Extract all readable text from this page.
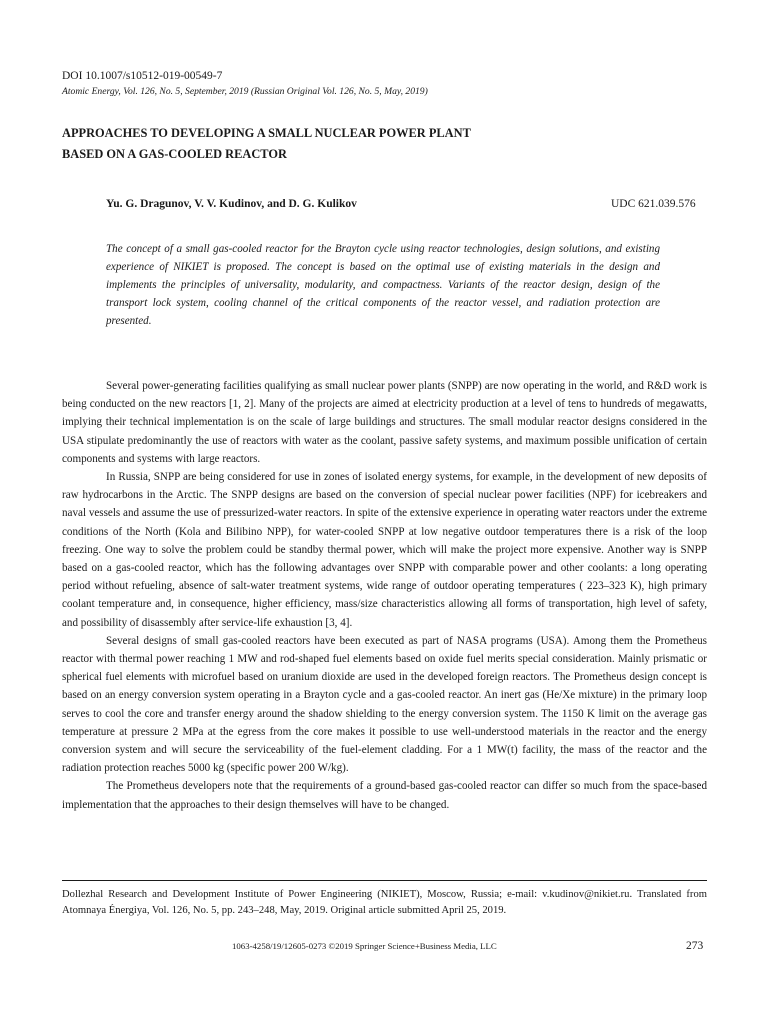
DOI 10.1007/s10512-019-00549-7
Atomic Energy, Vol. 126, No. 5, September, 2019 (Russian Original Vol. 126, No. 5, May, 2019)
APPROACHES TO DEVELOPING A SMALL NUCLEAR POWER PLANT
BASED ON A GAS-COOLED REACTOR
Yu. G. Dragunov, V. V. Kudinov, and D. G. Kulikov	UDC 621.039.576

The concept of a small gas-cooled reactor for the Brayton cycle using reactor technologies, design solutions, and existing experience of NIKIET is proposed. The concept is based on the optimal use of existing materials in the design and implements the principles of universality, modularity, and compactness. Variants of the reactor design, design of the transport lock system, cooling channel of the critical components of the reactor vessel, and radiation protection are presented.

Several power-generating facilities qualifying as small nuclear power plants (SNPP) are now operating in the world, and R&D work is being conducted on the new reactors [1, 2]. Many of the projects are aimed at electricity production at a level of tens to hundreds of megawatts, implying their technical implementation is on the scale of large buildings and structures. The small modular reactor designs considered in the USA stipulate predominantly the use of reactors with water as the coolant, passive safety systems, and maximum possible unification of certain components and systems with large reactors.

In Russia, SNPP are being considered for use in zones of isolated energy systems, for example, in the development of new deposits of raw hydrocarbons in the Arctic. The SNPP designs are based on the conversion of special nuclear power facilities (NPF) for icebreakers and naval vessels and assume the use of pressurized-water reactors. In spite of the extensive experience in operating water reactors under the extreme conditions of the North (Kola and Bilibino NPP), for water-cooled SNPP at low negative outdoor temperatures there is a risk of the loop freezing. One way to solve the problem could be standby thermal power, which will make the project more expensive. Another way is SNPP based on a gas-cooled reactor, which has the following advantages over SNPP with comparable power and other coolants: a long operating period without refueling, absence of salt-water treatment systems, wide range of outdoor operating temperatures ( 223–323 K), high primary coolant temperature and, in consequence, higher efficiency, mass/size characteristics allowing all forms of transportation, high level of safety, and possibility of disassembly after service-life exhaustion [3, 4].

Several designs of small gas-cooled reactors have been executed as part of NASA programs (USA). Among them the Prometheus reactor with thermal power reaching 1 MW and rod-shaped fuel elements based on oxide fuel merits special consideration. Mainly prismatic or spherical fuel elements with microfuel based on uranium dioxide are used in the developed foreign reactors. The Prometheus design concept is based on an energy conversion system operating in a Brayton cycle and a gas-cooled reactor. An inert gas (He/Xe mixture) in the primary loop serves to cool the core and transfer energy around the shadow shielding to the energy conversion system. The 1150 K limit on the average gas temperature at pressure 2 MPa at the egress from the core makes it possible to use well-understood materials in the reactor and the energy conversion system and will secure the serviceability of the fuel-element cladding. For a 1 MW(t) facility, the mass of the reactor and the radiation protection reaches 5000 kg (specific power 200 W/kg).

The Prometheus developers note that the requirements of a ground-based gas-cooled reactor can differ so much from the space-based implementation that the approaches to their design themselves will have to be changed.

Dollezhal Research and Development Institute of Power Engineering (NIKIET), Moscow, Russia; e-mail: v.kudinov@nikiet.ru. Translated from Atomnaya Énergiya, Vol. 126, No. 5, pp. 243–248, May, 2019. Original article submitted April 25, 2019.

1063-4258/19/12605-0273 ©2019 Springer Science+Business Media, LLC	273
